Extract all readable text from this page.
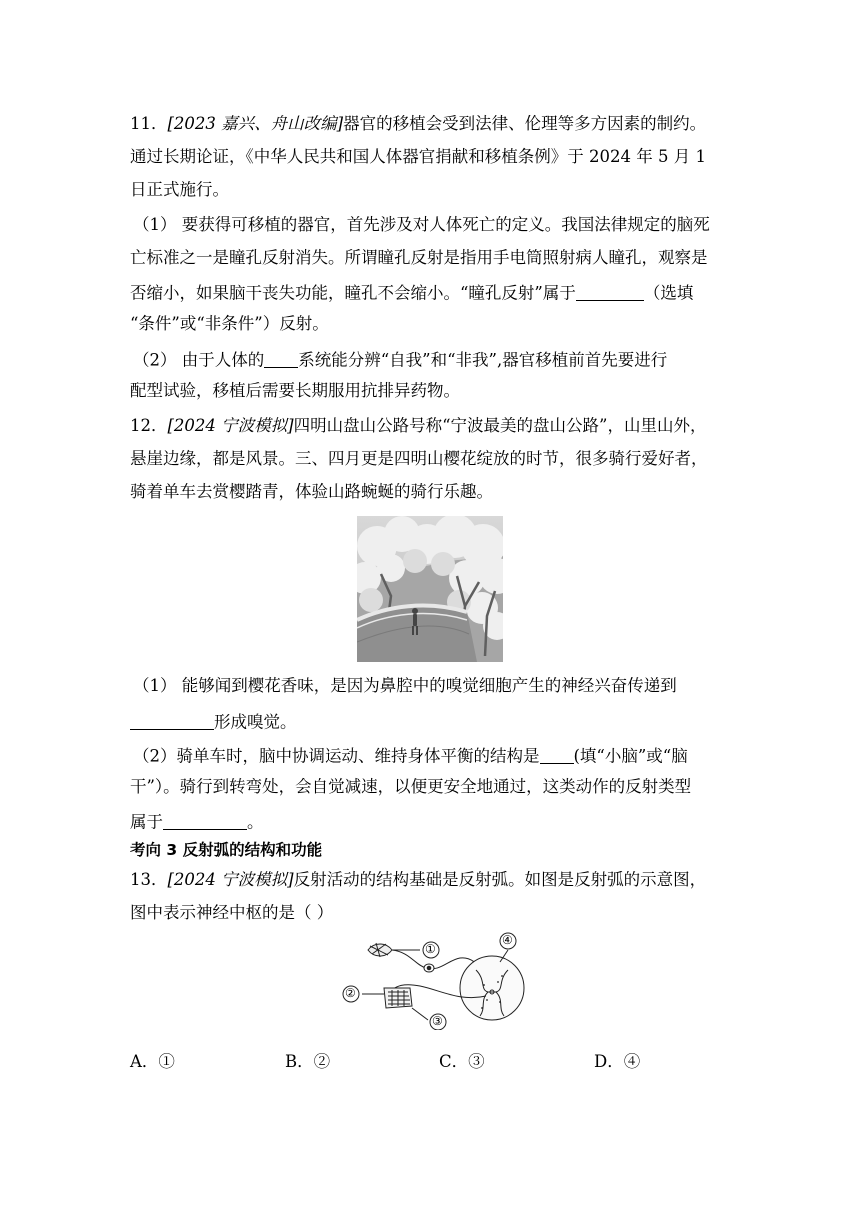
11．[2023 嘉兴、舟山改编]器官的移植会受到法律、伦理等多方因素的制约。
通过长期论证，《中华人民共和国人体器官捐献和移植条例》于 2024 年 5 月 1
日正式施行。
（1） 要获得可移植的器官，首先涉及对人体死亡的定义。我国法律规定的脑死
亡标准之一是瞳孔反射消失。所谓瞳孔反射是指用手电筒照射病人瞳孔，观察是
否缩小，如果脑干丧失功能，瞳孔不会缩小。“瞳孔反射”属于	（选填
“条件”或“非条件”）反射。
（2） 由于人体的 系统能分辨“自我”和“非我”,器官移植前首先要进行
配型试验，移植后需要长期服用抗排异药物。
12．[2024 宁波模拟]四明山盘山公路号称“宁波最美的盘山公路”，山里山外，
悬崖边缘，都是风景。三、四月更是四明山樱花绽放的时节，很多骑行爱好者，
骑着单车去赏樱踏青，体验山路蜿蜒的骑行乐趣。
（1） 能够闻到樱花香味，是因为鼻腔中的嗅觉细胞产生的神经兴奋传递到
形成嗅觉。
（2）骑单车时，脑中协调运动、维持身体平衡的结构是 (填“小脑”或“脑
干”）。骑行到转弯处，会自觉减速，以便更安全地通过，这类动作的反射类型
属于	。
考向 3 反射弧的结构和功能
13．[2024 宁波模拟]反射活动的结构基础是反射弧。如图是反射弧的示意图，
图中表示神经中枢的是（ ）
①
②
③
④
A．①	B．②	C．③	D．④
